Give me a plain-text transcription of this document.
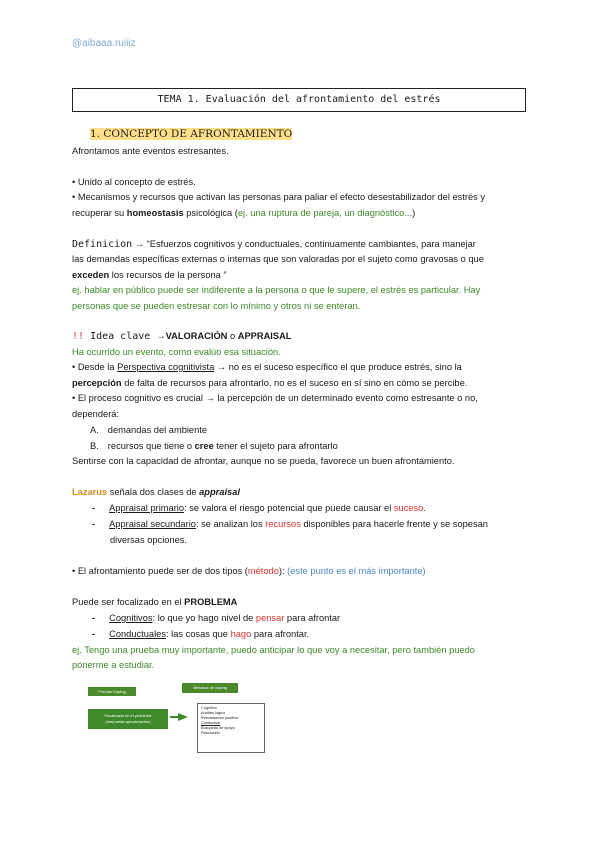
@aibaaa.ruiiiz
TEMA 1. Evaluación del afrontamiento del estrés
1. CONCEPTO DE AFRONTAMIENTO
Afrontamos ante eventos estresantes.
• Unido al concepto de estrés.
• Mecanismos y recursos que activan las personas para paliar el efecto desestabilizador del estrés y
recuperar su homeostasis psicológica (ej. una ruptura de pareja, un diagnóstico...)
Definicion → “Esfuerzos cognitivos y conductuales, continuamente cambiantes, para manejar
las demandas específicas externas o internas que son valoradas por el sujeto como gravosas o que
exceden los recursos de la persona ”
ej. hablar en público puede ser indiferente a la persona o que le supere, el estrés es particular. Hay
personas que se pueden estresar con lo mínimo y otros ni se enteran.
!! Idea clave →VALORACIÓN o APPRAISAL
Ha ocurrido un evento, como evalúo esa situación.
• Desde la Perspectiva cognitivista → no es el suceso específico el que produce estrés, sino la
percepción de falta de recursos para afrontarlo, no es el suceso en sí sino en cómo se percibe.
• El proceso cognitivo es crucial → la percepción de un determinado evento como estresante o no,
dependerá:
A. demandas del ambiente
B. recursos que tiene o cree tener el sujeto para afrontarlo
Sentirse con la capacidad de afrontar, aunque no se pueda, favorece un buen afrontamiento.
Lazarus señala dos clases de appraisal
- Appraisal primario: se valora el riesgo potencial que puede causar el suceso.
- Appraisal secundario: se analizan los recursos disponibles para hacerle frente y se sopesan
diversas opciones.
• El afrontamiento puede ser de dos tipos (método): (este punto es el más importante)
Puede ser focalizado en el PROBLEMA
- Cognitivos: lo que yo hago nivel de pensar para afrontar
- Conductuales: las cosas que hago para afrontar.
ej. Tengo una prueba muy importante, puedo anticipar lo que voy a necesitar, pero también puedo
ponerme a estudiar.
Formas Coping
Métodos de coping
Focalizado en el problema
(respuesta aproximación)
Cognitivo
Análisis lógico
Reevaluación positiva
Conductual
Búsqueda de apoyo
Resolución
